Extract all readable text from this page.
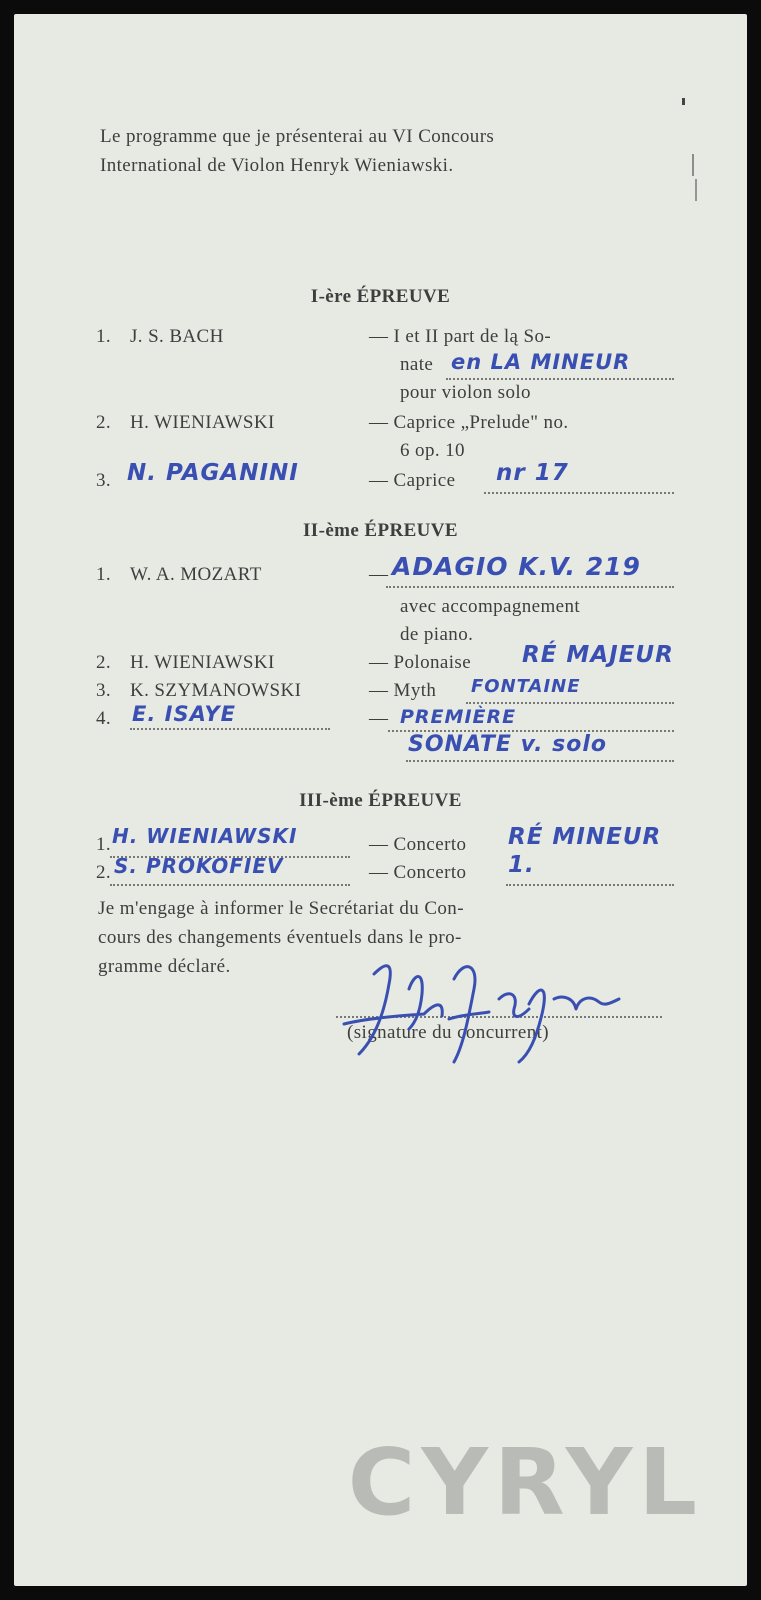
Le programme que je présenterai au VI Concours
International de Violon Henryk Wieniawski.
I-ère ÉPREUVE
1. J. S. BACH	— I et II part de lą So-
nate en LA MINEUR
pour violon solo
2. H. WIENIAWSKI	— Caprice „Prelude" no.
6 op. 10
3. N. PAGANINI	— Caprice nr 17
II-ème ÉPREUVE
1. W. A. MOZART	— ADAGIO K.V. 219
avec accompagnement
de piano.
2. H. WIENIAWSKI	— Polonaise RÉ MAJEUR
3. K. SZYMANOWSKI	— Myth FONTAINE
4. E. ISAYE	— PREMIÈRE
SONATE v. solo
III-ème ÉPREUVE
1. H. WIENIAWSKI	— Concerto RÉ MINEUR
2. S. PROKOFIEV	— Concerto 1.
Je m'engage à informer le Secrétariat du Con-
cours des changements éventuels dans le pro-
gramme déclaré.
(signature du concurrent)
CYRYL
